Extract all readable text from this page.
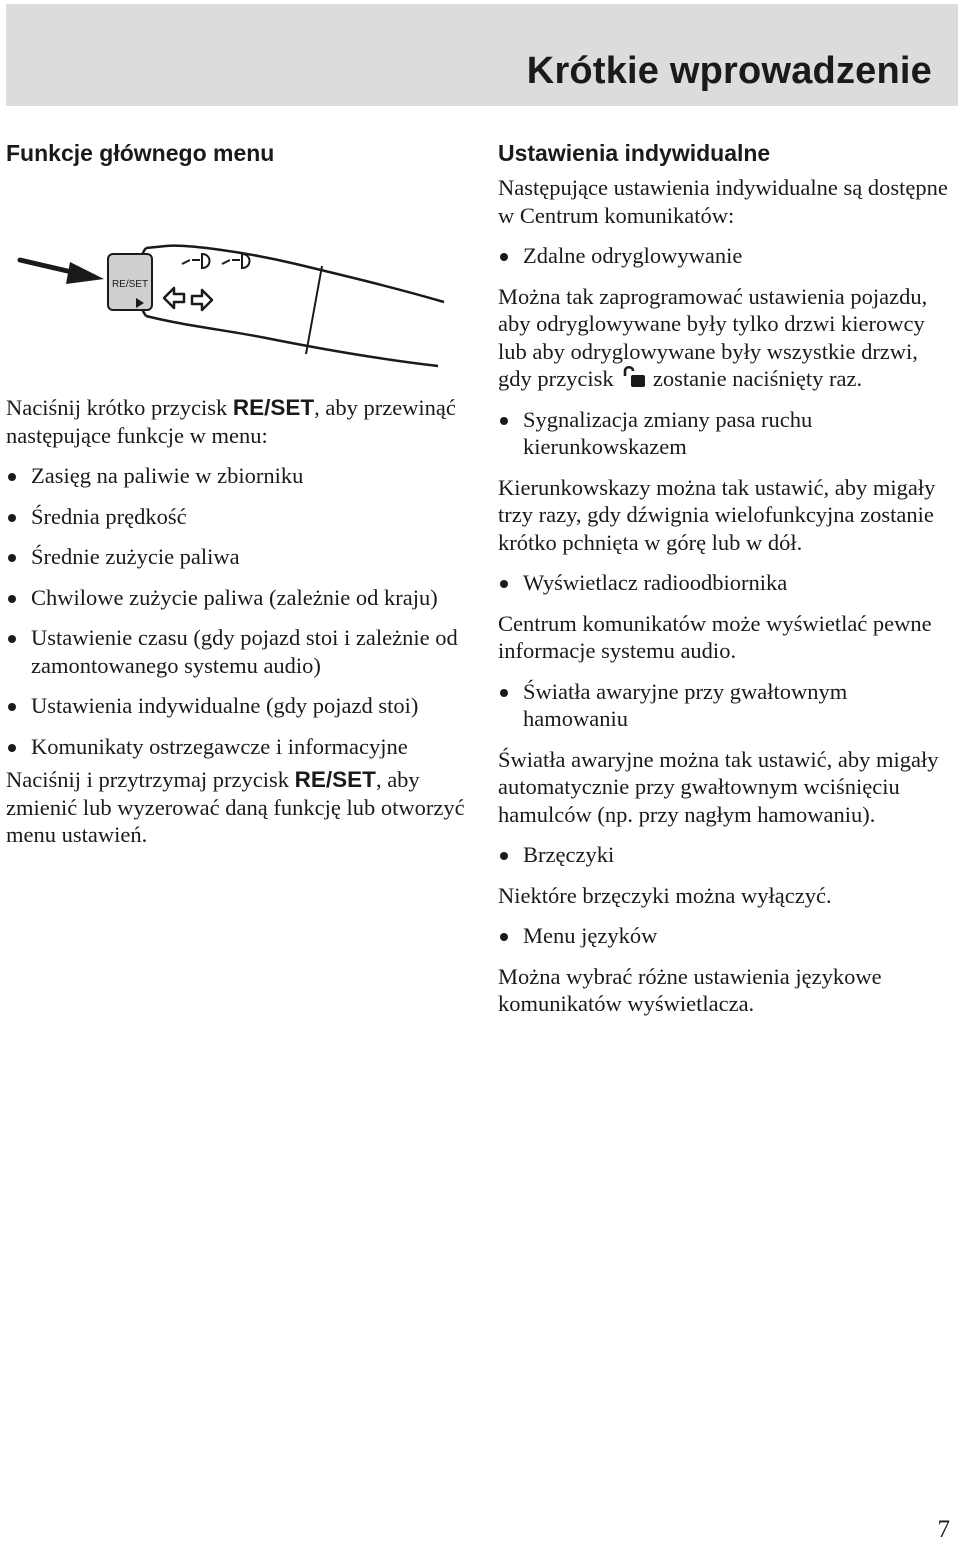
Krótkie wprowadzenie
Funkcje głównego menu
RE/SET

Naciśnij krótko przycisk RE/SET, aby przewinąć następujące funkcje w menu:

Zasięg na paliwie w zbiorniku
Średnia prędkość
Średnie zużycie paliwa
Chwilowe zużycie paliwa (zależnie od kraju)
Ustawienie czasu (gdy pojazd stoi i zależnie od zamontowanego systemu audio)
Ustawienia indywidualne (gdy pojazd stoi)
Komunikaty ostrzegawcze i informacyjne

Naciśnij i przytrzymaj przycisk RE/SET, aby zmienić lub wyzerować daną funkcję lub otworzyć menu ustawień.

Ustawienia indywidualne

Następujące ustawienia indywidualne są dostępne w Centrum komunikatów:

Zdalne odryglowywanie

Można tak zaprogramować ustawienia pojazdu, aby odryglowywane były tylko drzwi kierowcy lub aby odryglowywane były wszystkie drzwi, gdy przycisk  zostanie naciśnięty raz.

Sygnalizacja zmiany pasa ruchu kierunkowskazem

Kierunkowskazy można tak ustawić, aby migały trzy razy, gdy dźwignia wielofunkcyjna zostanie krótko pchnięta w górę lub w dół.

Wyświetlacz radioodbiornika

Centrum komunikatów może wyświetlać pewne informacje systemu audio.

Światła awaryjne przy gwałtownym hamowaniu

Światła awaryjne można tak ustawić, aby migały automatycznie przy gwałtownym wciśnięciu hamulców (np. przy nagłym hamowaniu).

Brzęczyki

Niektóre brzęczyki można wyłączyć.

Menu języków

Można wybrać różne ustawienia językowe komunikatów wyświetlacza.

7
